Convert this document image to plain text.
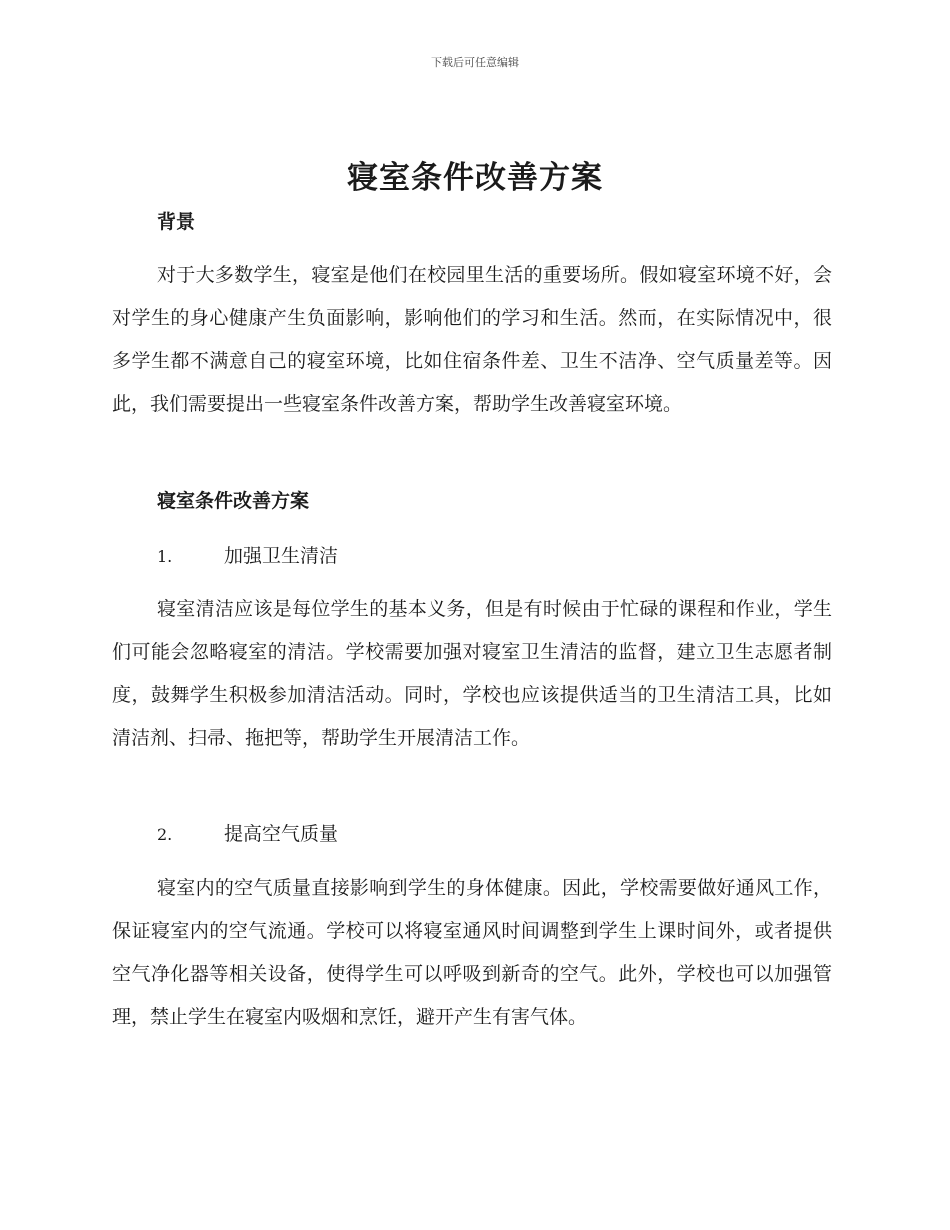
下载后可任意编辑
寝室条件改善方案
背景
对于大多数学生，寝室是他们在校园里生活的重要场所。假如寝室环境不好，会对学生的身心健康产生负面影响，影响他们的学习和生活。然而，在实际情况中，很多学生都不满意自己的寝室环境，比如住宿条件差、卫生不洁净、空气质量差等。因此，我们需要提出一些寝室条件改善方案，帮助学生改善寝室环境。
寝室条件改善方案
1.	加强卫生清洁
寝室清洁应该是每位学生的基本义务，但是有时候由于忙碌的课程和作业，学生们可能会忽略寝室的清洁。学校需要加强对寝室卫生清洁的监督，建立卫生志愿者制度，鼓舞学生积极参加清洁活动。同时，学校也应该提供适当的卫生清洁工具，比如清洁剂、扫帚、拖把等，帮助学生开展清洁工作。
2.	提高空气质量
寝室内的空气质量直接影响到学生的身体健康。因此，学校需要做好通风工作，保证寝室内的空气流通。学校可以将寝室通风时间调整到学生上课时间外，或者提供空气净化器等相关设备，使得学生可以呼吸到新奇的空气。此外，学校也可以加强管理，禁止学生在寝室内吸烟和烹饪，避开产生有害气体。
